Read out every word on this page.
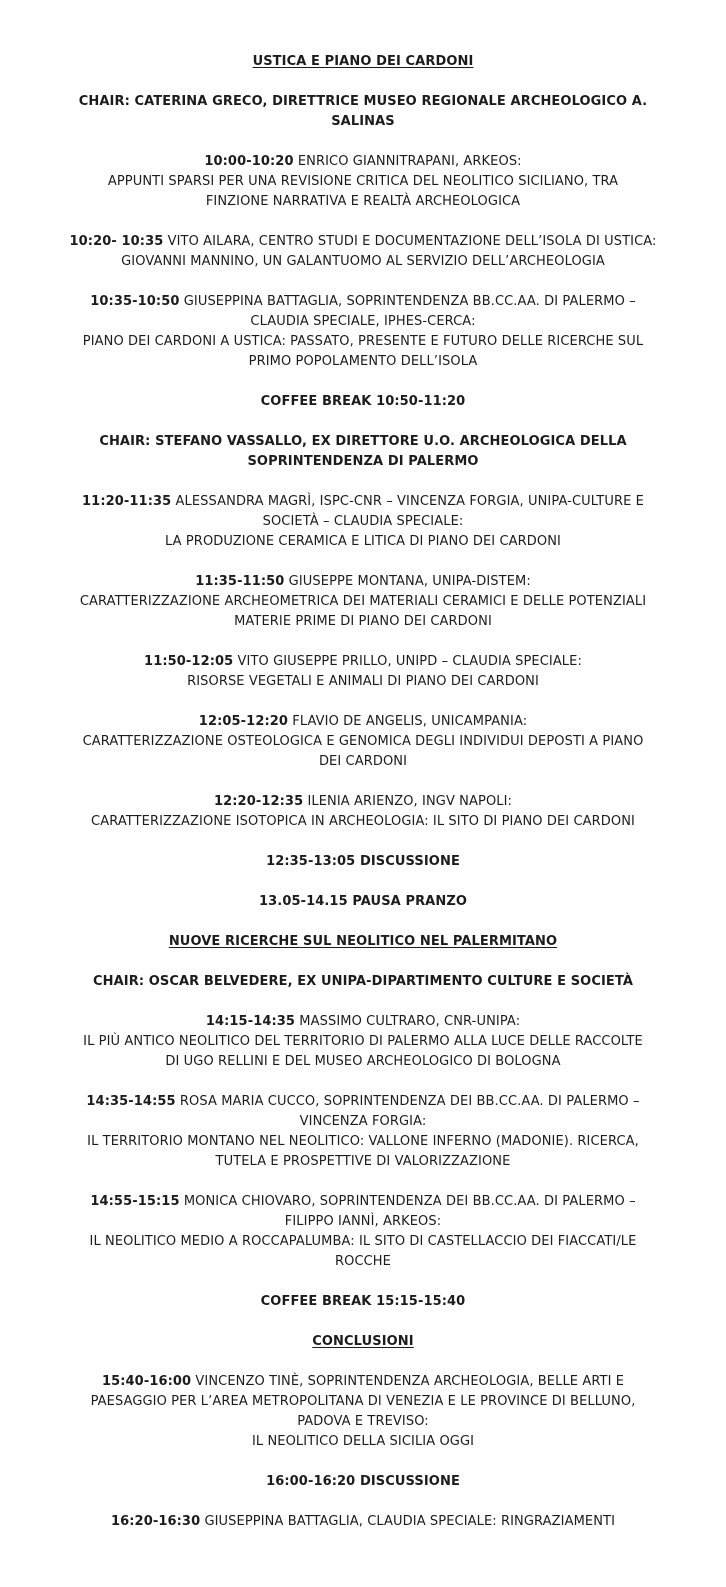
USTICA E PIANO DEI CARDONI
CHAIR: CATERINA GRECO, DIRETTRICE MUSEO REGIONALE ARCHEOLOGICO A.
SALINAS
10:00-10:20 ENRICO GIANNITRAPANI, ARKEOS:
APPUNTI SPARSI PER UNA REVISIONE CRITICA DEL NEOLITICO SICILIANO, TRA
FINZIONE NARRATIVA E REALTÀ ARCHEOLOGICA
10:20- 10:35 VITO AILARA, CENTRO STUDI E DOCUMENTAZIONE DELL’ISOLA DI USTICA:
GIOVANNI MANNINO, UN GALANTUOMO AL SERVIZIO DELL’ARCHEOLOGIA
10:35-10:50 GIUSEPPINA BATTAGLIA, SOPRINTENDENZA BB.CC.AA. DI PALERMO –
CLAUDIA SPECIALE, IPHES-CERCA:
PIANO DEI CARDONI A USTICA: PASSATO, PRESENTE E FUTURO DELLE RICERCHE SUL
PRIMO POPOLAMENTO DELL’ISOLA
COFFEE BREAK 10:50-11:20
CHAIR: STEFANO VASSALLO, EX DIRETTORE U.O. ARCHEOLOGICA DELLA
SOPRINTENDENZA DI PALERMO
11:20-11:35 ALESSANDRA MAGRÌ, ISPC-CNR – VINCENZA FORGIA, UNIPA-CULTURE E
SOCIETÀ – CLAUDIA SPECIALE:
LA PRODUZIONE CERAMICA E LITICA DI PIANO DEI CARDONI
11:35-11:50 GIUSEPPE MONTANA, UNIPA-DISTEM:
CARATTERIZZAZIONE ARCHEOMETRICA DEI MATERIALI CERAMICI E DELLE POTENZIALI
MATERIE PRIME DI PIANO DEI CARDONI
11:50-12:05 VITO GIUSEPPE PRILLO, UNIPD – CLAUDIA SPECIALE:
RISORSE VEGETALI E ANIMALI DI PIANO DEI CARDONI
12:05-12:20 FLAVIO DE ANGELIS, UNICAMPANIA:
CARATTERIZZAZIONE OSTEOLOGICA E GENOMICA DEGLI INDIVIDUI DEPOSTI A PIANO
DEI CARDONI
12:20-12:35 ILENIA ARIENZO, INGV NAPOLI:
CARATTERIZZAZIONE ISOTOPICA IN ARCHEOLOGIA: IL SITO DI PIANO DEI CARDONI
12:35-13:05 DISCUSSIONE
13.05-14.15 PAUSA PRANZO
NUOVE RICERCHE SUL NEOLITICO NEL PALERMITANO
CHAIR: OSCAR BELVEDERE, EX UNIPA-DIPARTIMENTO CULTURE E SOCIETÀ
14:15-14:35 MASSIMO CULTRARO, CNR-UNIPA:
IL PIÙ ANTICO NEOLITICO DEL TERRITORIO DI PALERMO ALLA LUCE DELLE RACCOLTE
DI UGO RELLINI E DEL MUSEO ARCHEOLOGICO DI BOLOGNA
14:35-14:55 ROSA MARIA CUCCO, SOPRINTENDENZA DEI BB.CC.AA. DI PALERMO –
VINCENZA FORGIA:
IL TERRITORIO MONTANO NEL NEOLITICO: VALLONE INFERNO (MADONIE). RICERCA,
TUTELA E PROSPETTIVE DI VALORIZZAZIONE
14:55-15:15 MONICA CHIOVARO, SOPRINTENDENZA DEI BB.CC.AA. DI PALERMO –
FILIPPO IANNÌ, ARKEOS:
IL NEOLITICO MEDIO A ROCCAPALUMBA: IL SITO DI CASTELLACCIO DEI FIACCATI/LE
ROCCHE
COFFEE BREAK 15:15-15:40
CONCLUSIONI
15:40-16:00 VINCENZO TINÈ, SOPRINTENDENZA ARCHEOLOGIA, BELLE ARTI E
PAESAGGIO PER L’AREA METROPOLITANA DI VENEZIA E LE PROVINCE DI BELLUNO,
PADOVA E TREVISO:
IL NEOLITICO DELLA SICILIA OGGI
16:00-16:20 DISCUSSIONE
16:20-16:30 GIUSEPPINA BATTAGLIA, CLAUDIA SPECIALE: RINGRAZIAMENTI
